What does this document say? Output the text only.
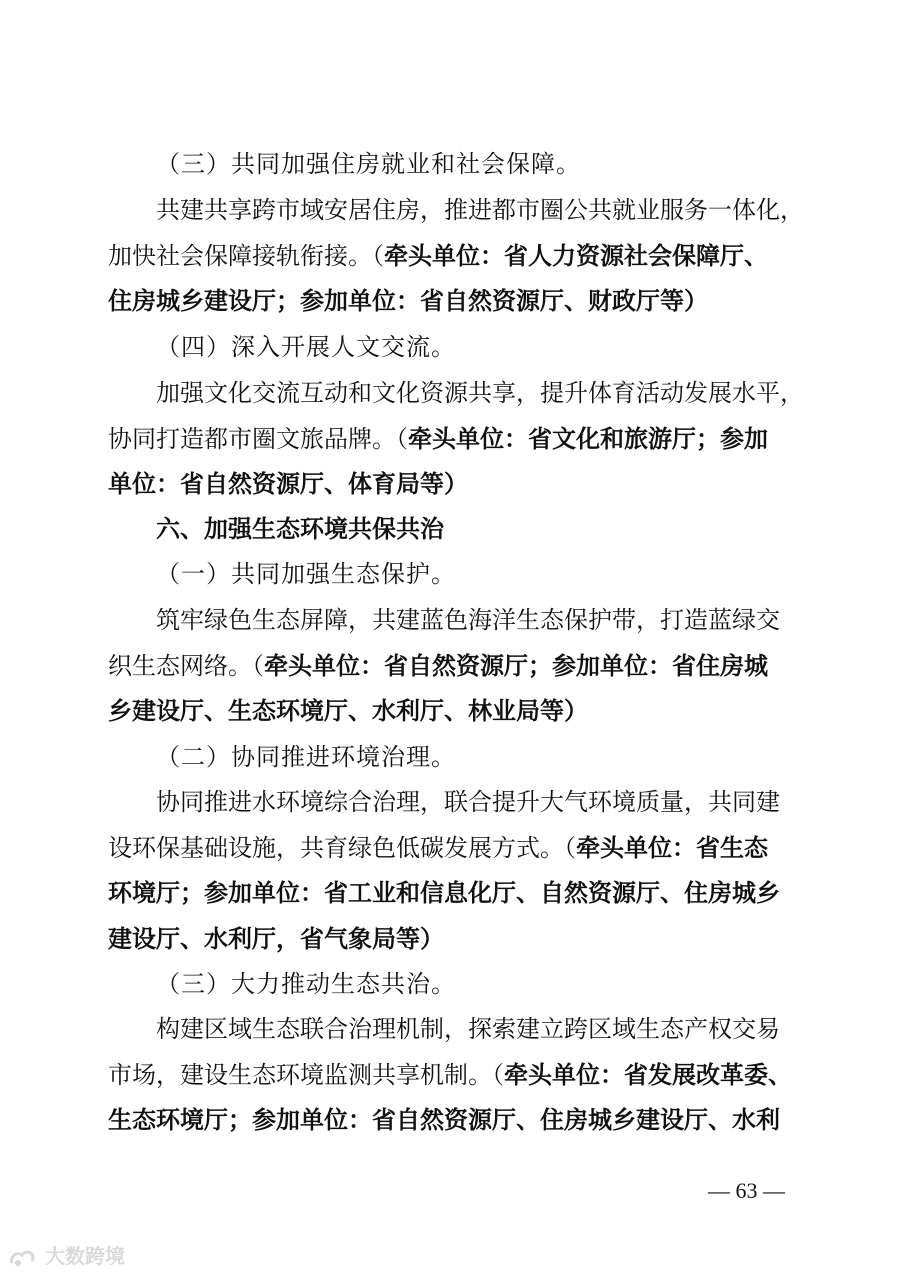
（三）共同加强住房就业和社会保障。
共建共享跨市域安居住房，推进都市圈公共就业服务一体化，
加快社会保障接轨衔接。（牵头单位：省人力资源社会保障厅、
住房城乡建设厅；参加单位：省自然资源厅、财政厅等）
（四）深入开展人文交流。
加强文化交流互动和文化资源共享，提升体育活动发展水平，
协同打造都市圈文旅品牌。（牵头单位：省文化和旅游厅；参加
单位：省自然资源厅、体育局等）
六、加强生态环境共保共治
（一）共同加强生态保护。
筑牢绿色生态屏障，共建蓝色海洋生态保护带，打造蓝绿交
织生态网络。（牵头单位：省自然资源厅；参加单位：省住房城
乡建设厅、生态环境厅、水利厅、林业局等）
（二）协同推进环境治理。
协同推进水环境综合治理，联合提升大气环境质量，共同建
设环保基础设施，共育绿色低碳发展方式。（牵头单位：省生态
环境厅；参加单位：省工业和信息化厅、自然资源厅、住房城乡
建设厅、水利厅，省气象局等）
（三）大力推动生态共治。
构建区域生态联合治理机制，探索建立跨区域生态产权交易
市场，建设生态环境监测共享机制。（牵头单位：省发展改革委、
生态环境厅；参加单位：省自然资源厅、住房城乡建设厅、水利
— 63 —
大数跨境
